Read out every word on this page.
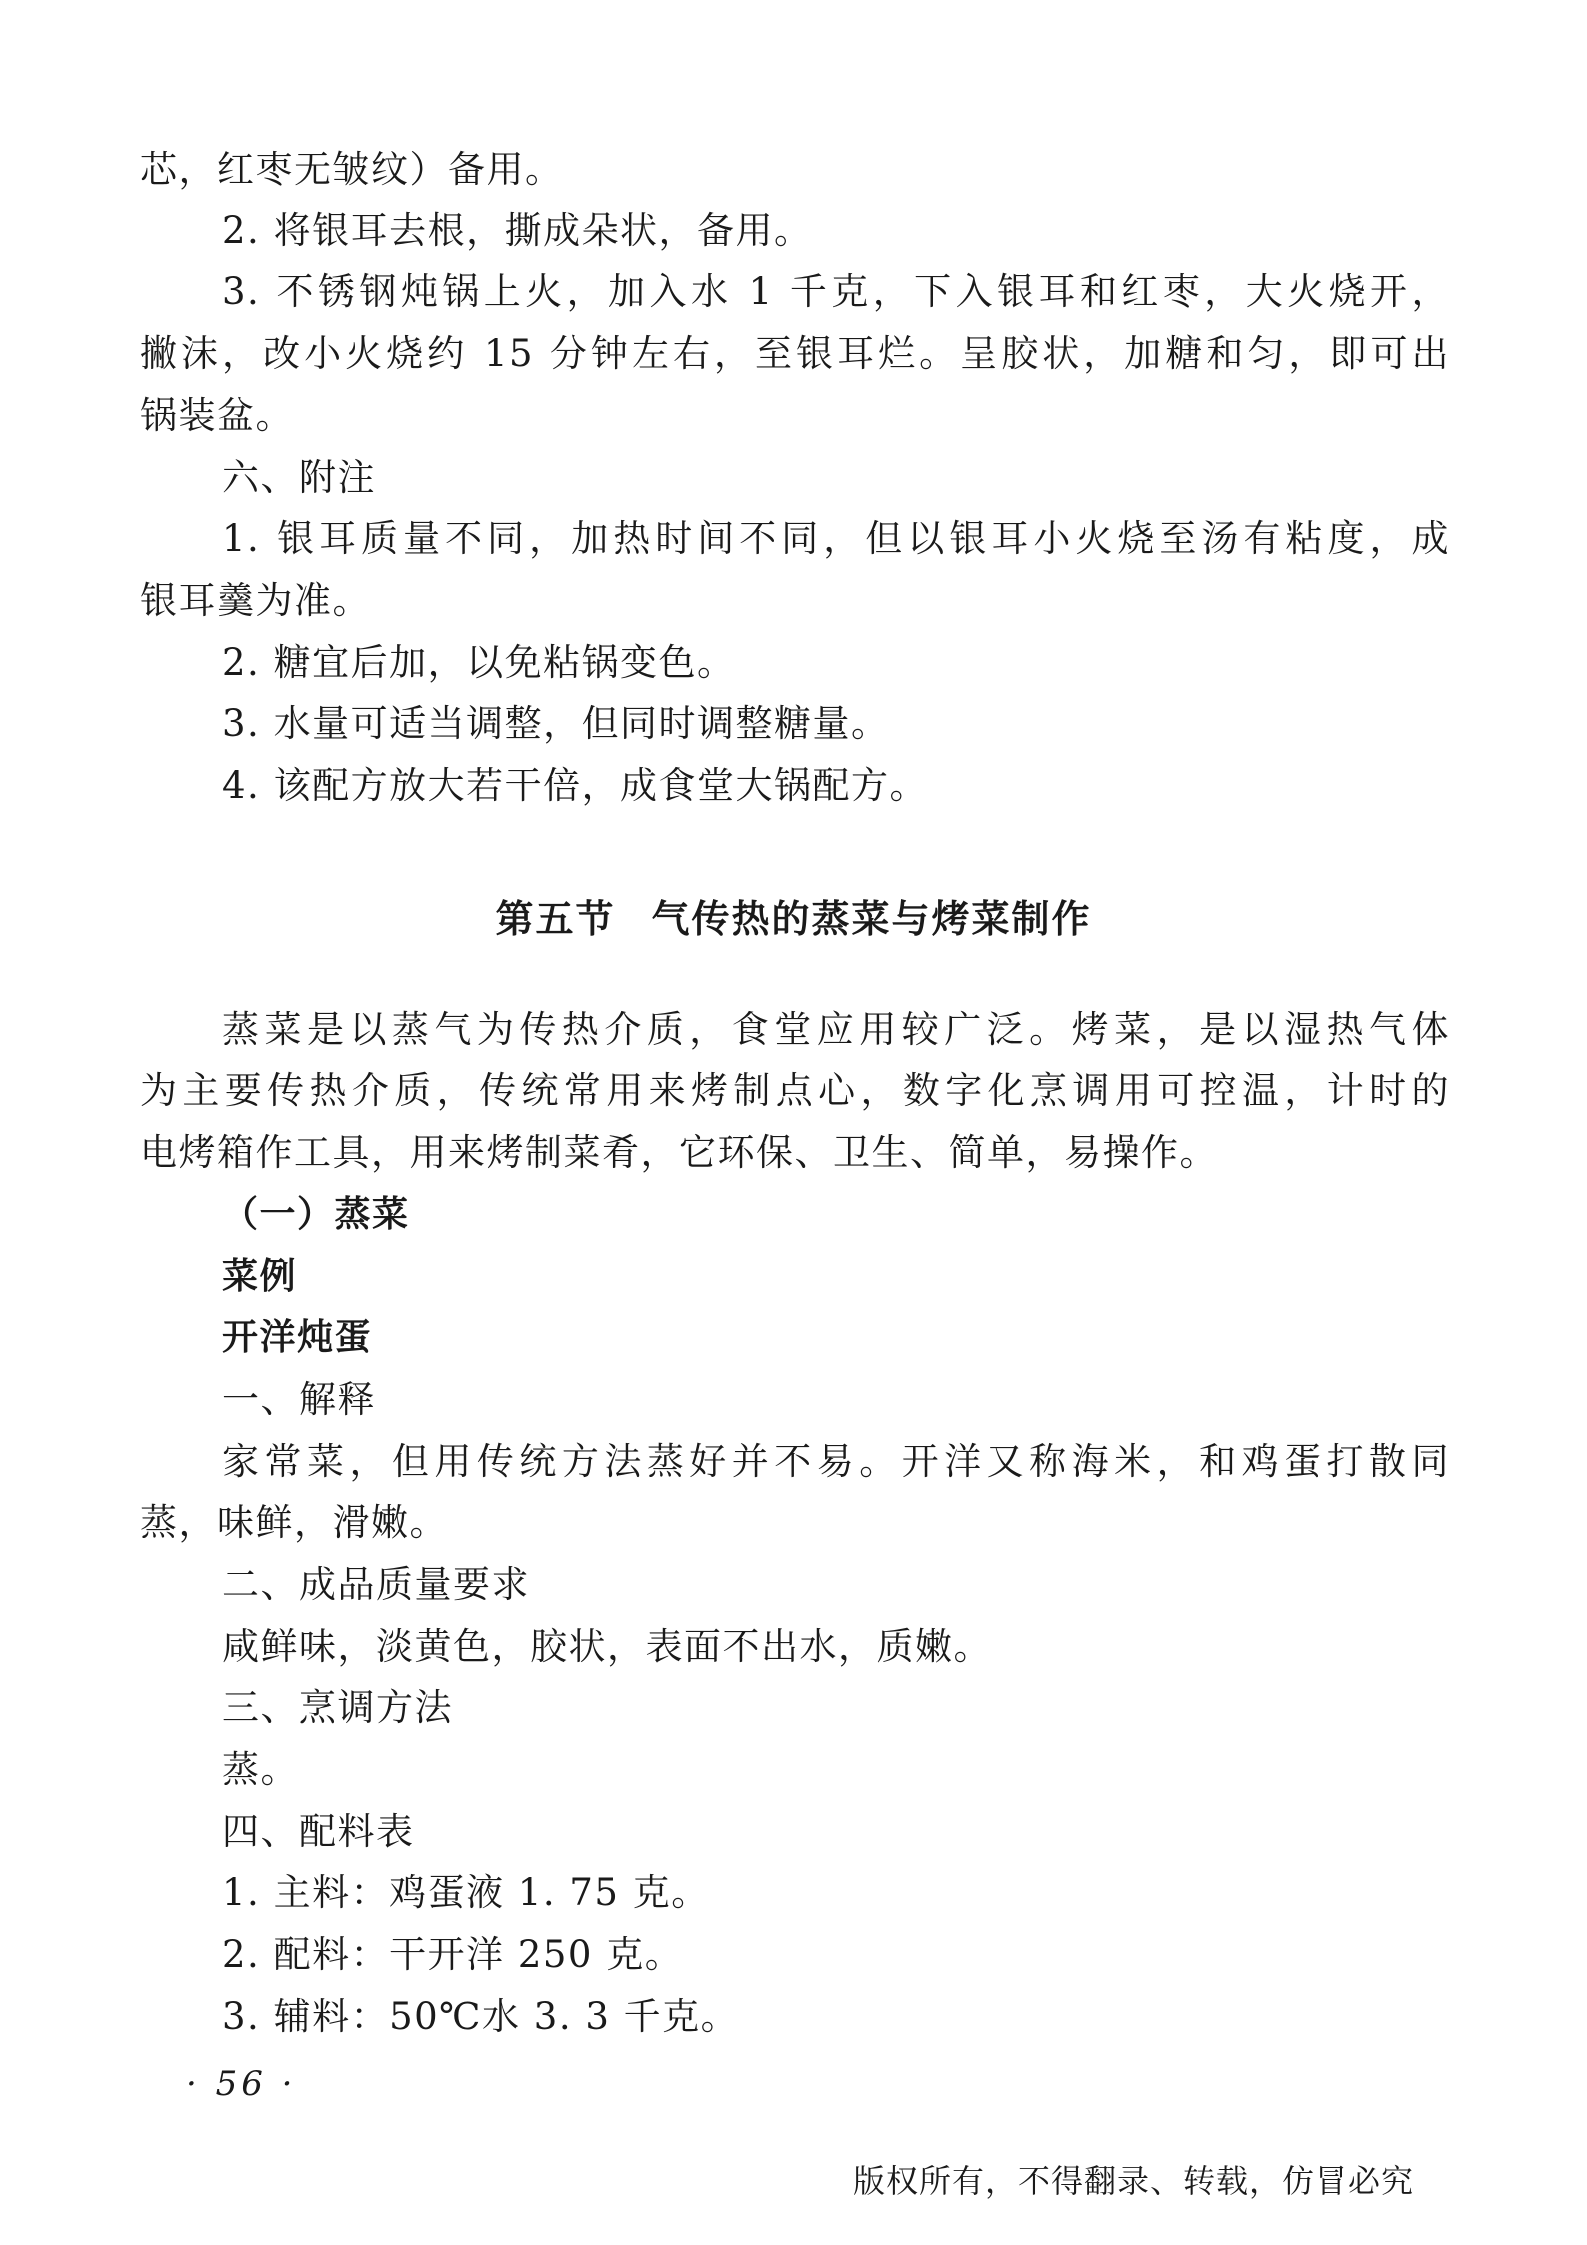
芯，红枣无皱纹）备用。
2. 将银耳去根，撕成朵状，备用。
3. 不锈钢炖锅上火，加入水 1 千克，下入银耳和红枣，大火烧开，
撇沫，改小火烧约 15 分钟左右，至银耳烂。呈胶状，加糖和匀，即可出
锅装盆。
六、附注
1. 银耳质量不同，加热时间不同，但以银耳小火烧至汤有粘度，成
银耳羹为准。
2. 糖宜后加，以免粘锅变色。
3. 水量可适当调整，但同时调整糖量。
4. 该配方放大若干倍，成食堂大锅配方。
第五节 气传热的蒸菜与烤菜制作
蒸菜是以蒸气为传热介质，食堂应用较广泛。烤菜，是以湿热气体
为主要传热介质，传统常用来烤制点心，数字化烹调用可控温，计时的
电烤箱作工具，用来烤制菜肴，它环保、卫生、简单，易操作。
（一）蒸菜
菜例
开洋炖蛋
一、解释
家常菜，但用传统方法蒸好并不易。开洋又称海米，和鸡蛋打散同
蒸，味鲜，滑嫩。
二、成品质量要求
咸鲜味，淡黄色，胶状，表面不出水，质嫩。
三、烹调方法
蒸。
四、配料表
1. 主料：鸡蛋液 1. 75 克。
2. 配料：干开洋 250 克。
3. 辅料：50℃水 3. 3 千克。
· 56 ·
版权所有，不得翻录、转载，仿冒必究
